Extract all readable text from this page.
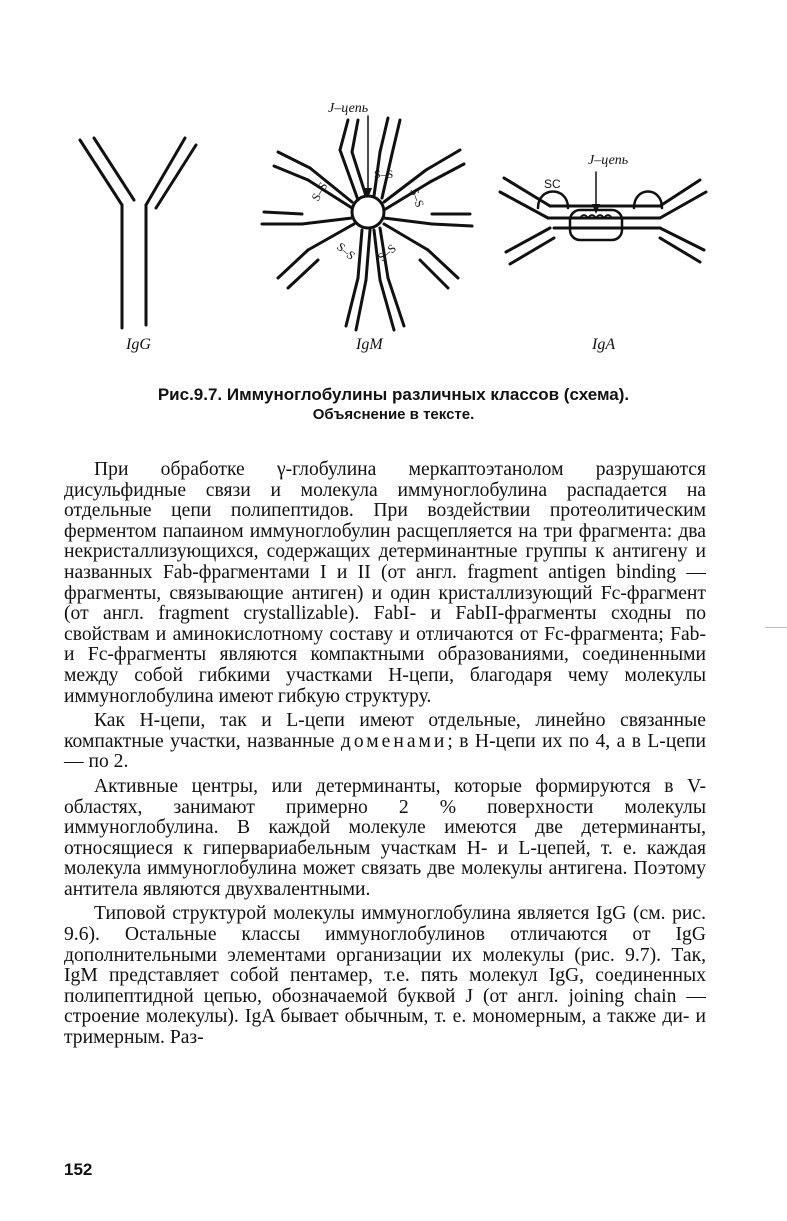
J–цепь
S–S
S–S	S–S
S–S S–S
J–цепь
SC
IgG	IgM	IgA
Рис.9.7. Иммуноглобулины различных классов (схема).
Объяснение в тексте.

При обработке γ-глобулина меркаптоэтанолом разрушаются дисульфидные связи и молекула иммуноглобулина распадается на отдельные цепи полипептидов. При воздействии протеолитическим ферментом папаином иммуноглобулин расщепляется на три фрагмента: два некристаллизующихся, содержащих детерминантные группы к антигену и названных Fab-фрагментами I и II (от англ. fragment antigen binding — фрагменты, связывающие антиген) и один кристаллизующий Fc-фрагмент (от англ. fragment crystallizable). FabI- и FabII-фрагменты сходны по свойствам и аминокислотному составу и отличаются от Fc-фрагмента; Fab- и Fc-фрагменты являются компактными образованиями, соединенными между собой гибкими участками Н-цепи, благодаря чему молекулы иммуноглобулина имеют гибкую структуру.

Как Н-цепи, так и L-цепи имеют отдельные, линейно связанные компактные участки, названные доменами; в Н-цепи их по 4, а в L-цепи — по 2.

Активные центры, или детерминанты, которые формируются в V-областях, занимают примерно 2 % поверхности молекулы иммуноглобулина. В каждой молекуле имеются две детерминанты, относящиеся к гипервариабельным участкам Н- и L-цепей, т. е. каждая молекула иммуноглобулина может связать две молекулы антигена. Поэтому антитела являются двухвалентными.

Типовой структурой молекулы иммуноглобулина является IgG (см. рис. 9.6). Остальные классы иммуноглобулинов отличаются от IgG дополнительными элементами организации их молекулы (рис. 9.7). Так, IgM представляет собой пентамер, т.е. пять молекул IgG, соединенных полипептидной цепью, обозначаемой буквой J (от англ. joining chain — строение молекулы). IgA бывает обычным, т. е. мономерным, а также ди- и тримерным. Раз-

152
